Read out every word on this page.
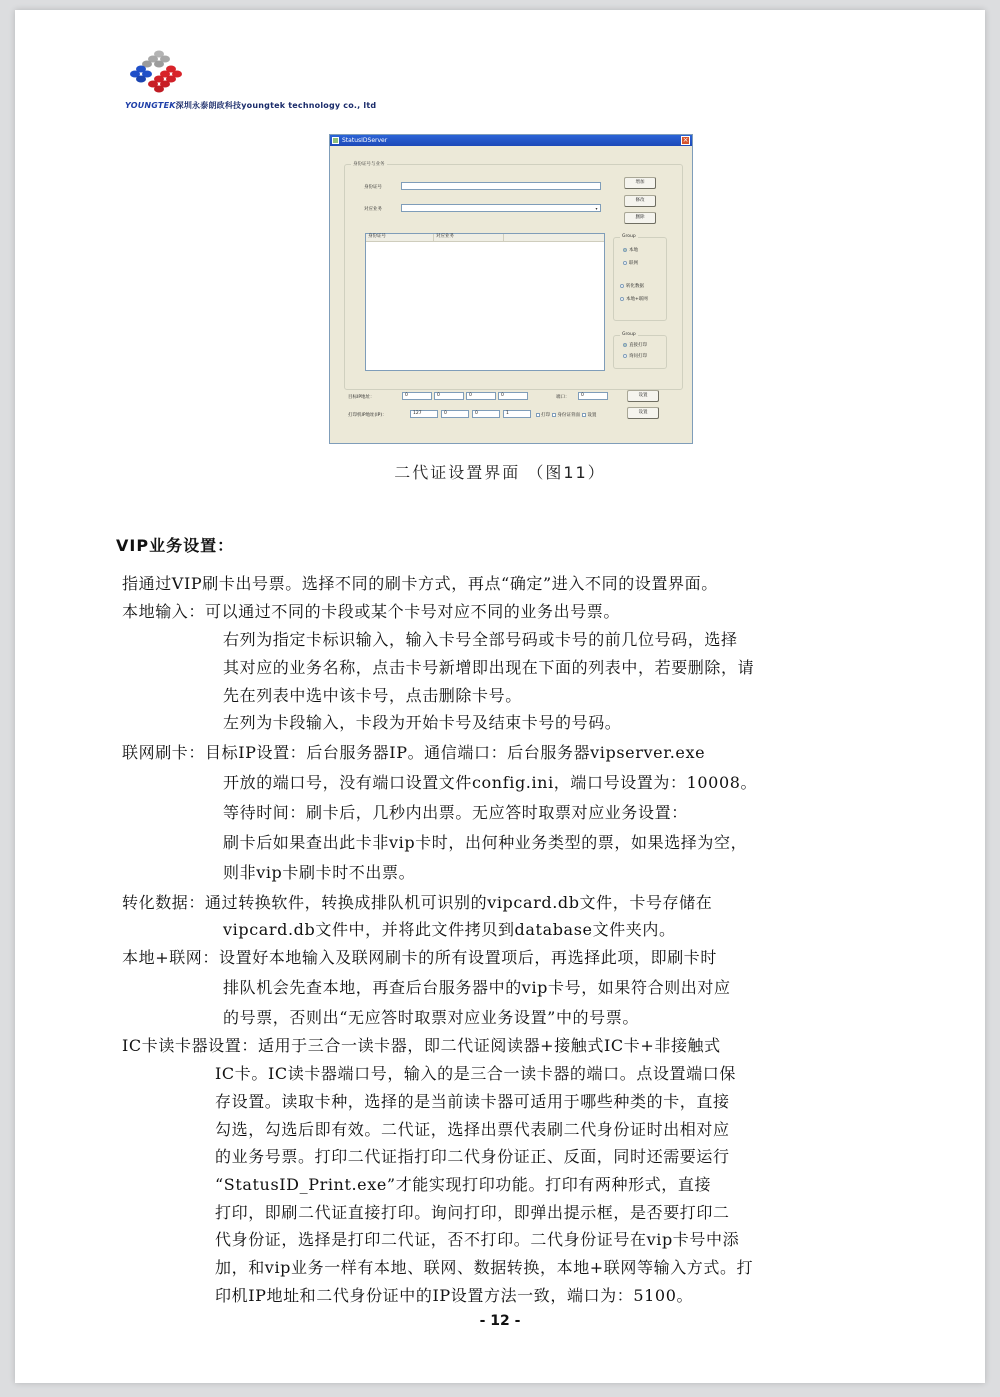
YOUNGTEK深圳永泰朗政科技youngtek technology co., ltd
StatusIDServer	×
身份证号与业务
身份证号
对应业务	▾
增加
修改
删除
身份证号	对应业务	Group
本地
联网
转化数据
本地+联网
Group
直接打印
询问打印
目标IP地址：	0	0	0	0	端口：	0	设置
打印机IP地址(IP)：	127	0	0	1	打印 身份证背面 设置
设置
二代证设置界面 （图11）
VIP业务设置：
指通过VIP刷卡出号票。选择不同的刷卡方式，再点“确定”进入不同的设置界面。
本地输入：可以通过不同的卡段或某个卡号对应不同的业务出号票。
右列为指定卡标识输入，输入卡号全部号码或卡号的前几位号码，选择
其对应的业务名称，点击卡号新增即出现在下面的列表中，若要删除，请
先在列表中选中该卡号，点击删除卡号。
左列为卡段输入，卡段为开始卡号及结束卡号的号码。
联网刷卡：目标IP设置：后台服务器IP。通信端口：后台服务器vipserver.exe
开放的端口号，没有端口设置文件config.ini，端口号设置为：10008。
等待时间：刷卡后，几秒内出票。无应答时取票对应业务设置：
刷卡后如果查出此卡非vip卡时，出何种业务类型的票，如果选择为空，
则非vip卡刷卡时不出票。
转化数据：通过转换软件，转换成排队机可识别的vipcard.db文件，卡号存储在
vipcard.db文件中，并将此文件拷贝到database文件夹内。
本地+联网：设置好本地输入及联网刷卡的所有设置项后，再选择此项，即刷卡时
排队机会先查本地，再查后台服务器中的vip卡号，如果符合则出对应
的号票，否则出“无应答时取票对应业务设置”中的号票。
IC卡读卡器设置：适用于三合一读卡器，即二代证阅读器+接触式IC卡+非接触式
IC卡。IC读卡器端口号，输入的是三合一读卡器的端口。点设置端口保
存设置。读取卡种，选择的是当前读卡器可适用于哪些种类的卡，直接
勾选，勾选后即有效。二代证，选择出票代表刷二代身份证时出相对应
的业务号票。打印二代证指打印二代身份证正、反面，同时还需要运行
“StatusID_Print.exe”才能实现打印功能。打印有两种形式，直接
打印，即刷二代证直接打印。询问打印，即弹出提示框，是否要打印二
代身份证，选择是打印二代证，否不打印。二代身份证号在vip卡号中添
加，和vip业务一样有本地、联网、数据转换，本地+联网等输入方式。打
印机IP地址和二代身份证中的IP设置方法一致，端口为：5100。
- 12 -
